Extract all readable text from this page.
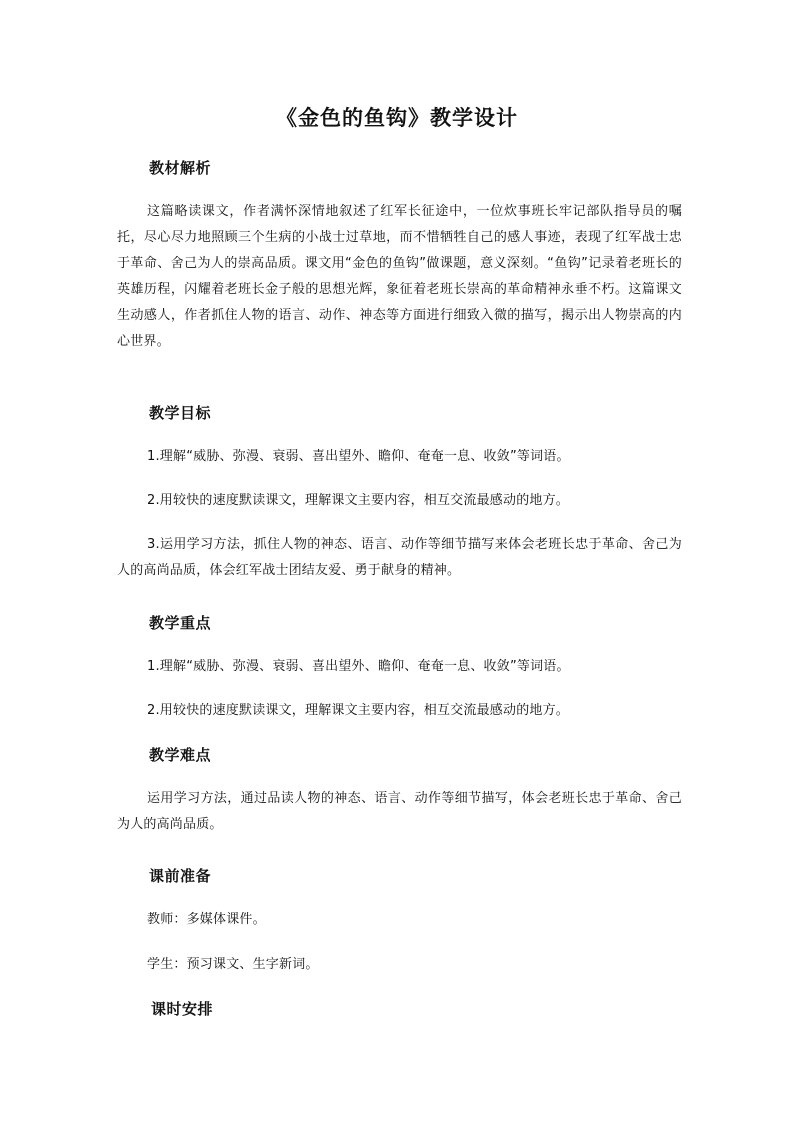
《金色的鱼钩》教学设计
教材解析
这篇略读课文，作者满怀深情地叙述了红军长征途中，一位炊事班长牢记部队指导员的嘱托，尽心尽力地照顾三个生病的小战士过草地，而不惜牺牲自己的感人事迹，表现了红军战士忠于革命、舍己为人的崇高品质。课文用“金色的鱼钩”做课题，意义深刻。“鱼钩”记录着老班长的英雄历程，闪耀着老班长金子般的思想光辉，象征着老班长崇高的革命精神永垂不朽。这篇课文生动感人，作者抓住人物的语言、动作、神态等方面进行细致入微的描写，揭示出人物崇高的内心世界。
教学目标
1.理解“威胁、弥漫、衰弱、喜出望外、瞻仰、奄奄一息、收敛”等词语。
2.用较快的速度默读课文，理解课文主要内容，相互交流最感动的地方。
3.运用学习方法，抓住人物的神态、语言、动作等细节描写来体会老班长忠于革命、舍己为人的高尚品质，体会红军战士团结友爱、勇于献身的精神。
教学重点
1.理解“威胁、弥漫、衰弱、喜出望外、瞻仰、奄奄一息、收敛”等词语。
2.用较快的速度默读课文，理解课文主要内容，相互交流最感动的地方。
教学难点
运用学习方法，通过品读人物的神态、语言、动作等细节描写，体会老班长忠于革命、舍己为人的高尚品质。
课前准备
教师：多媒体课件。
学生：预习课文、生字新词。
课时安排
